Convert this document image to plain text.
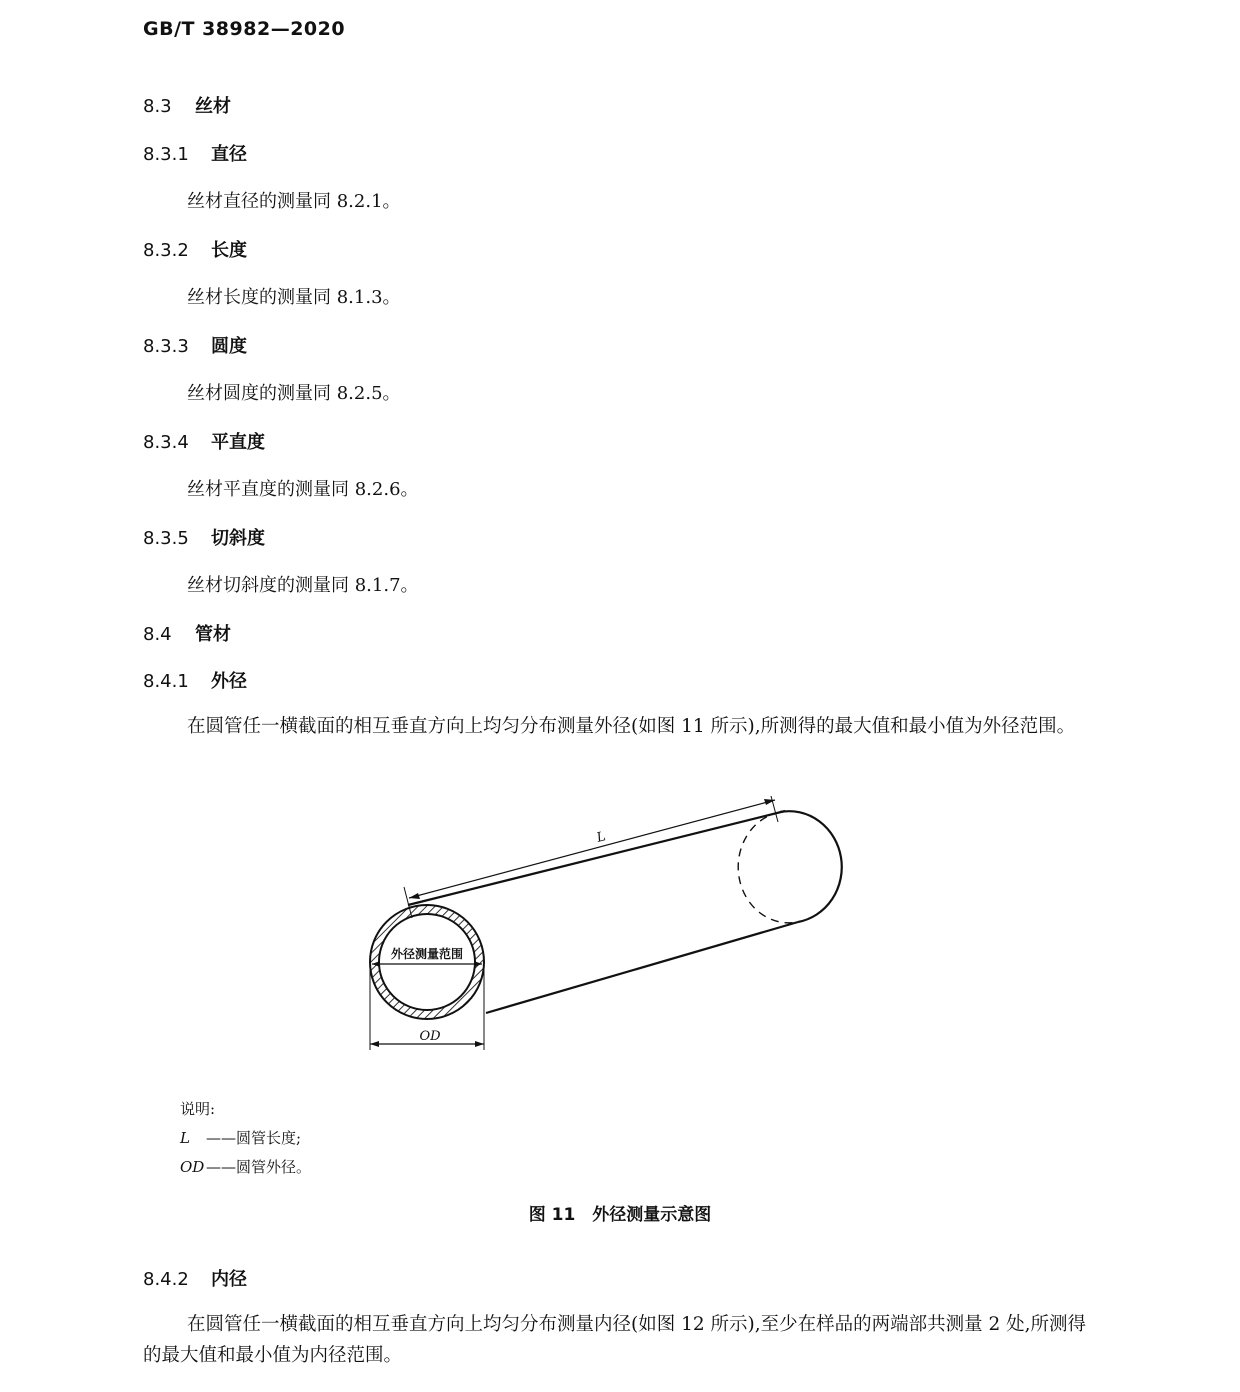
GB/T 38982—2020
8.3 丝材
8.3.1 直径
丝材直径的测量同 8.2.1。
8.3.2 长度
丝材长度的测量同 8.1.3。
8.3.3 圆度
丝材圆度的测量同 8.2.5。
8.3.4 平直度
丝材平直度的测量同 8.2.6。
8.3.5 切斜度
丝材切斜度的测量同 8.1.7。
8.4 管材
8.4.1 外径
在圆管任一横截面的相互垂直方向上均匀分布测量外径(如图 11 所示),所测得的最大值和最小值为外径范围。
外径测量范围
L
OD
说明:
L ——圆管长度;
OD ——圆管外径。
图 11　外径测量示意图
8.4.2 内径
在圆管任一横截面的相互垂直方向上均匀分布测量内径(如图 12 所示),至少在样品的两端部共测量 2 处,所测得的最大值和最小值为内径范围。
